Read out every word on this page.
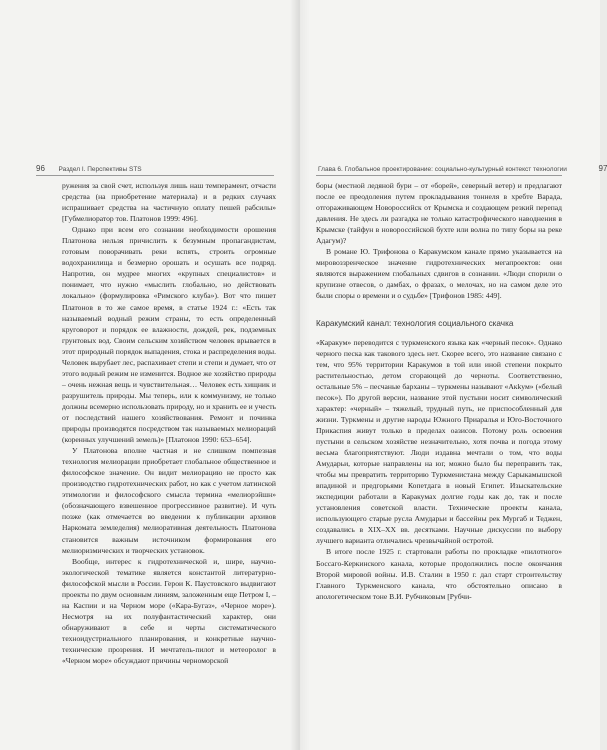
96 Раздел I. Перспективы STS

ружения за свой счет, используя лишь наш темперамент, отчасти средства (на приобретение материала) и в редких случаях испрашивает средства на частичную оплату пешей рабсилы» [Губмелиоратор тов. Платонов 1999: 496].

Однако при всем его сознании необходимости орошения Платонова нельзя причислить к безумным пропагандистам, готовым поворачивать реки вспять, строить огромные водохранилища и безмерно орошать и осушать все подряд. Напротив, он мудрее многих «крупных специалистов» и понимает, что нужно «мыслить глобально, но действовать локально» (формулировка «Римского клуба»). Вот что пишет Платонов в то же самое время, в статье 1924 г.: «Есть так называемый водный режим страны, то есть определенный круговорот и порядок ее влажности, дождей, рек, подземных грунтовых вод. Своим сельским хозяйством человек врывается в этот природный порядок выпадения, стока и распределения воды. Человек вырубает лес, распахивает степи и степи и думает, что от этого водный режим не изменится. Водное же хозяйство природы – очень нежная вещь и чувствительная… Человек есть хищник и разрушитель природы. Мы теперь, или к коммунизму, не только должны всемерно использовать природу, но и хранить ее и учесть от последствий нашего хозяйствования. Ремонт и починка природы производятся посредством так называемых мелиораций (коренных улучшений земель)» [Платонов 1990: 653–654].

У Платонова вполне частная и не слишком помпезная технология мелиорации приобретает глобальное общественное и философское значение. Он видит мелиорацию не просто как производство гидротехнических работ, но как с учетом латинской этимологии и философского смысла термина «мелиорэйшн» (обозначающего взвешенное прогрессивное развитие). И чуть позже (как отмечается во введении к публикации архивов Наркомата земледелия) мелиоративная деятельность Платонова становится важным источником формирования его мелиоризмических и творческих установок.

Вообще, интерес к гидротехнической и, шире, научно-экологической тематике является константой литературно-философской мысли в России. Герои К. Паустовского выдвигают проекты по двум основным линиям, заложенным еще Петром I, – на Каспии и на Черном море («Кара-Бугаз», «Черное море»). Несмотря на их полуфантастический характер, они обнаруживают в себе и черты систематического техноидустриального планирования, и конкретные научно-технические прозрения. И мечтатель-пилот и метеоролог в «Черном море» обсуждают причины черноморской

Глава 6. Глобальное проектирование: социально-культурный контекст технологии	97

боры (местной ледяной бури – от «борей», северный ветер) и предлагают после ее преодоления путем прокладывания тоннеля в хребте Варада, отгораживающем Новороссийск от Крымска и создающем резкий перепад давления. Не здесь ли разгадка не только катастрофического наводнения в Крымске (тайфун в новороссийской бухте или волна по типу боры на реке Адагум)?

В романе Ю. Трифонова о Каракумском канале прямо указывается на мировоззренческое значение гидротехнических мегапроектов: они являются выражением глобальных сдвигов в сознании. «Люди спорили о крупизне отвесов, о дамбах, о фразах, о мелочах, но на самом деле это были споры о времени и о судьбе» [Трифонов 1985: 449].

Каракумский канал: технология социального скачка

«Каракум» переводится с туркменского языка как «черный песок». Однако черного песка как такового здесь нет. Скорее всего, это название связано с тем, что 95% территории Каракумов в той или иной степени покрыто растительностью, детом сгорающей до черноты. Соответственно, остальные 5% – песчаные барханы – туркмены называют «Акkум» («белый песок»). По другой версии, название этой пустыни носит символический характер: «черный» – тяжелый, трудный путь, не приспособленный для жизни. Туркмены и другие народы Южного Приаралья и Юго-Восточного Прикаспия живут только в пределах оазисов. Потому роль освоения пустыни в сельском хозяйстве незначительно, хотя почва и погода этому весьма благоприятствуют. Люди издавна мечтали о том, что воды Амударьи, которые направлены на юг, можно было бы переправить так, чтобы мы превратить территорию Туркменистана между Сарыкамышской впадиной и предгорьями Копетдага в новый Египет. Изыскательские экспедиции работали в Каракумах долгие годы как до, так и после установления советской власти. Технические проекты канала, использующего старые русла Амударьи и бассейны рек Мургаб и Теджен, создавались в XIX–XX вв. десятками. Научные дискуссии по выбору лучшего варианта отличались чрезвычайной остротой.

В итоге после 1925 г. стартовали работы по прокладке «пилотного» Боссаго-Керкинского канала, которые продолжились после окончания Второй мировой войны. И.В. Сталин в 1950 г. дал старт строительству Главного Туркменского канала, что обстоятельно описано в апологетическом тоне В.И. Рубчиковым [Рубчи-
